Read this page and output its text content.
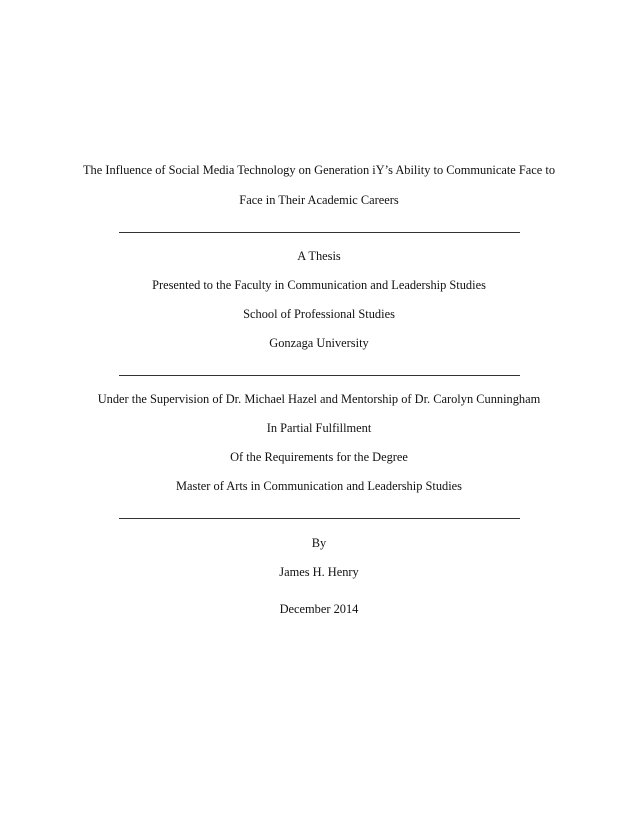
The Influence of Social Media Technology on Generation iY’s Ability to Communicate Face to
Face in Their Academic Careers
A Thesis
Presented to the Faculty in Communication and Leadership Studies
School of Professional Studies
Gonzaga University
Under the Supervision of Dr. Michael Hazel and Mentorship of Dr. Carolyn Cunningham
In Partial Fulfillment
Of the Requirements for the Degree
Master of Arts in Communication and Leadership Studies
By
James H. Henry
December 2014
